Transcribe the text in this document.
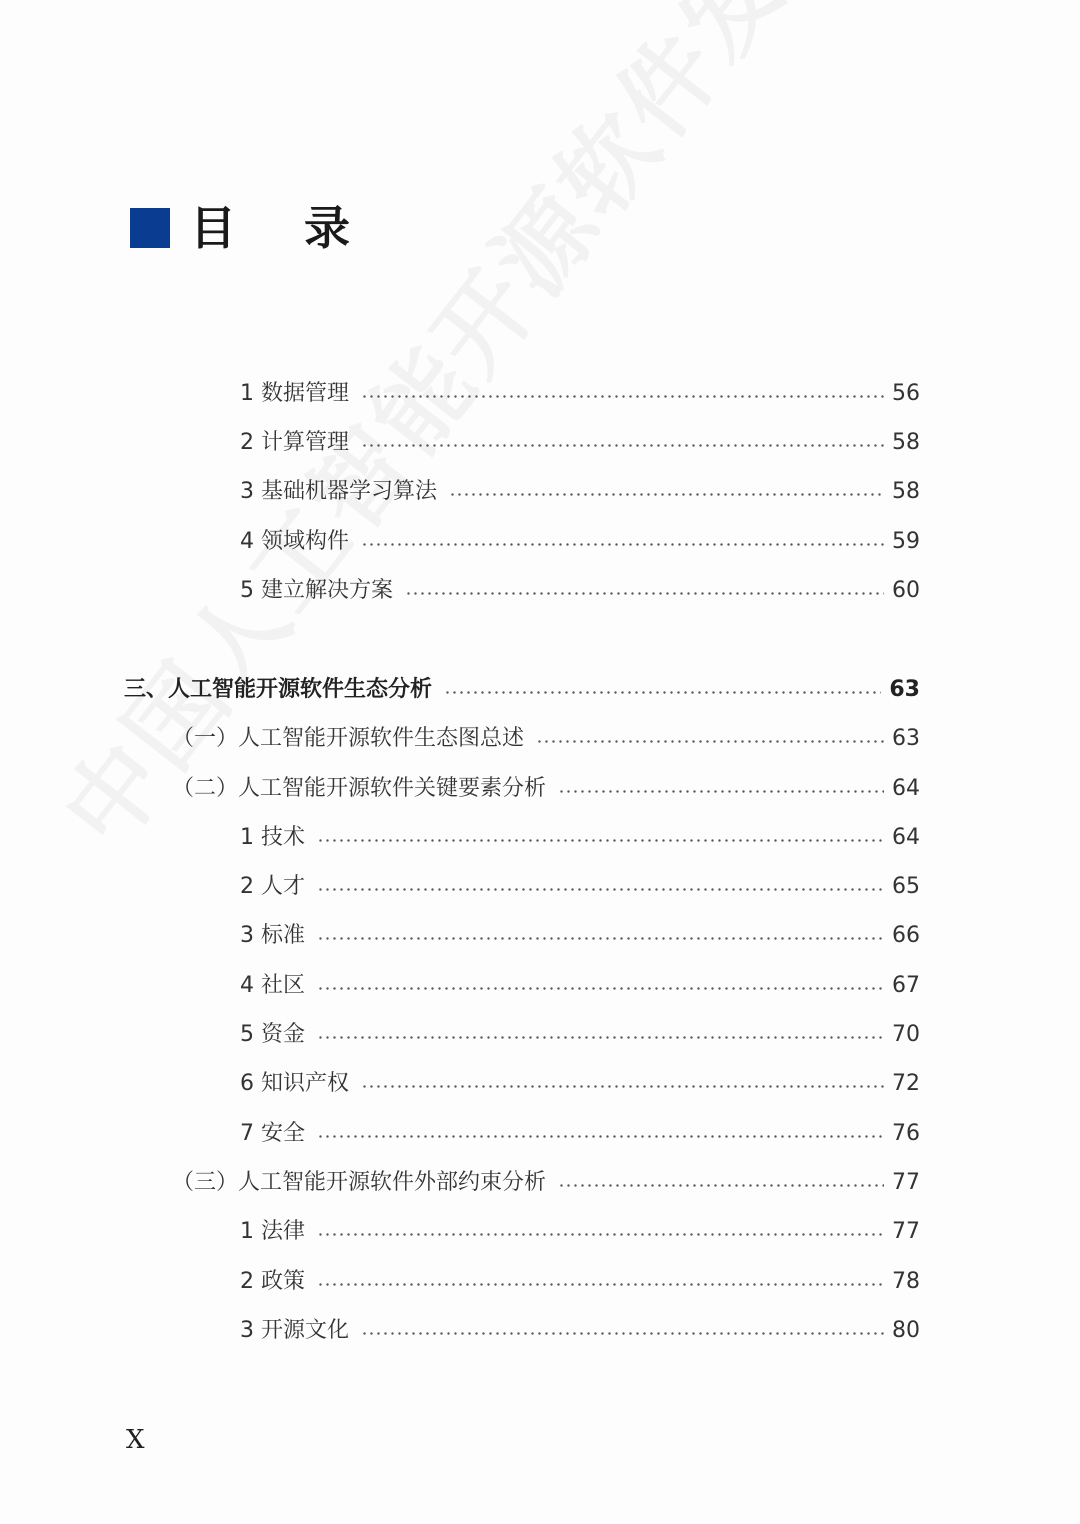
目 录
1 数据管理	56
2 计算管理	58
3 基础机器学习算法	58
4 领域构件	59
5 建立解决方案	60
三、人工智能开源软件生态分析	63
（一）人工智能开源软件生态图总述	63
（二）人工智能开源软件关键要素分析	64
1 技术	64
2 人才	65
3 标准	66
4 社区	67
5 资金	70
6 知识产权	72
7 安全	76
（三）人工智能开源软件外部约束分析	77
1 法律	77
2 政策	78
3 开源文化	80
X
